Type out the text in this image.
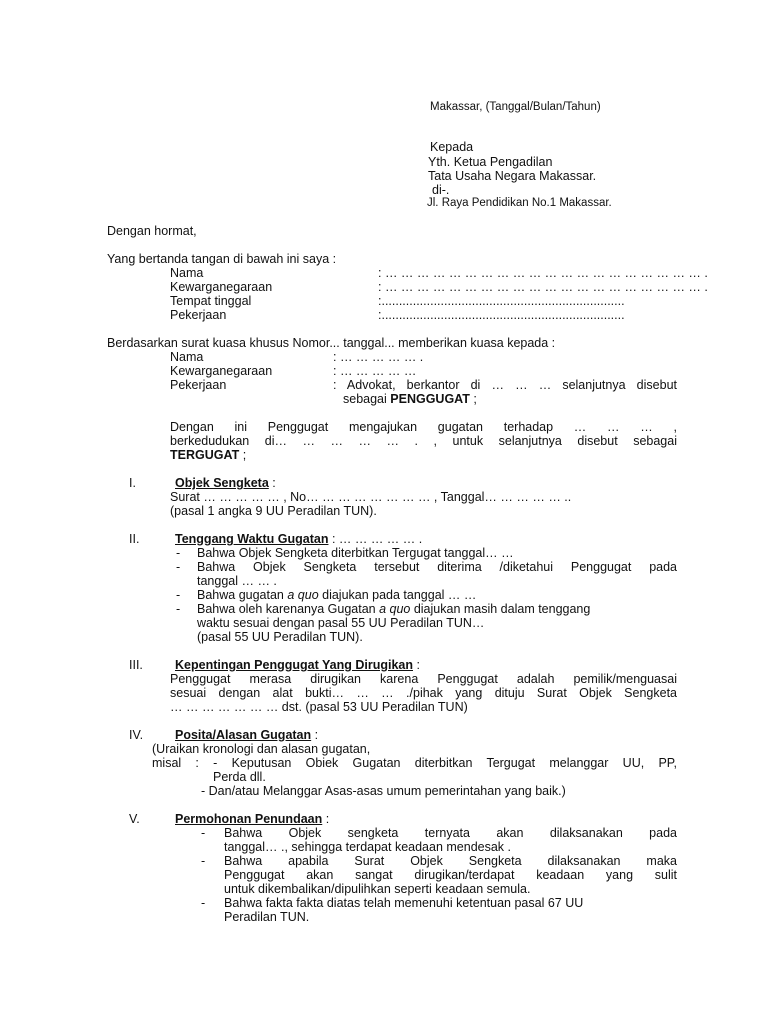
Makassar, (Tanggal/Bulan/Tahun)
Kepada
Yth. Ketua Pengadilan
Tata Usaha Negara Makassar.
di-.
Jl. Raya Pendidikan No.1 Makassar.
Dengan hormat,
Yang bertanda tangan di bawah ini saya :
Nama	: … … … … … … … … … … … … … … … … … … … … .
Kewarganegaraan	: … … … … … … … … … … … … … … … … … … … … .
Tempat tinggal	:......................................................................
Pekerjaan	:......................................................................
Berdasarkan surat kuasa khusus Nomor... tanggal... memberikan kuasa kepada :
Nama	: … … … … … .
Kewarganegaraan	: … … … … …
Pekerjaan	: Advokat, berkantor di … … … selanjutnya disebut
sebagai PENGGUGAT ;
Dengan ini Penggugat mengajukan gugatan terhadap … … … ,
berkedudukan di… … … … … . , untuk selanjutnya disebut sebagai
TERGUGAT ;
I.	Objek Sengketa :
Surat … … … … … , No… … … … … … … … , Tanggal… … … … … ..
(pasal 1 angka 9 UU Peradilan TUN).
II.	Tenggang Waktu Gugatan : … … … … … .
- Bahwa Objek Sengketa diterbitkan Tergugat tanggal… …
- Bahwa Objek Sengketa tersebut diterima /diketahui Penggugat pada
tanggal … … .
- Bahwa gugatan a quo diajukan pada tanggal … …
- Bahwa oleh karenanya Gugatan a quo diajukan masih dalam tenggang
waktu sesuai dengan pasal 55 UU Peradilan TUN…
(pasal 55 UU Peradilan TUN).
III.	Kepentingan Penggugat Yang Dirugikan :
Penggugat merasa dirugikan karena Penggugat adalah pemilik/menguasai
sesuai dengan alat bukti… … … ./pihak yang dituju Surat Objek Sengketa
… … … … … … … dst. (pasal 53 UU Peradilan TUN)
IV.	Posita/Alasan Gugatan :
(Uraikan kronologi dan alasan gugatan,
misal : - Keputusan Obiek Gugatan diterbitkan Tergugat melanggar UU, PP,
Perda dll.
- Dan/atau Melanggar Asas-asas umum pemerintahan yang baik.)
V.	Permohonan Penundaan :
- Bahwa Objek sengketa ternyata akan dilaksanakan pada
tanggal… ., sehingga terdapat keadaan mendesak .
- Bahwa apabila Surat Objek Sengketa dilaksanakan maka
Penggugat akan sangat dirugikan/terdapat keadaan yang sulit
untuk dikembalikan/dipulihkan seperti keadaan semula.
- Bahwa fakta fakta diatas telah memenuhi ketentuan pasal 67 UU
Peradilan TUN.
